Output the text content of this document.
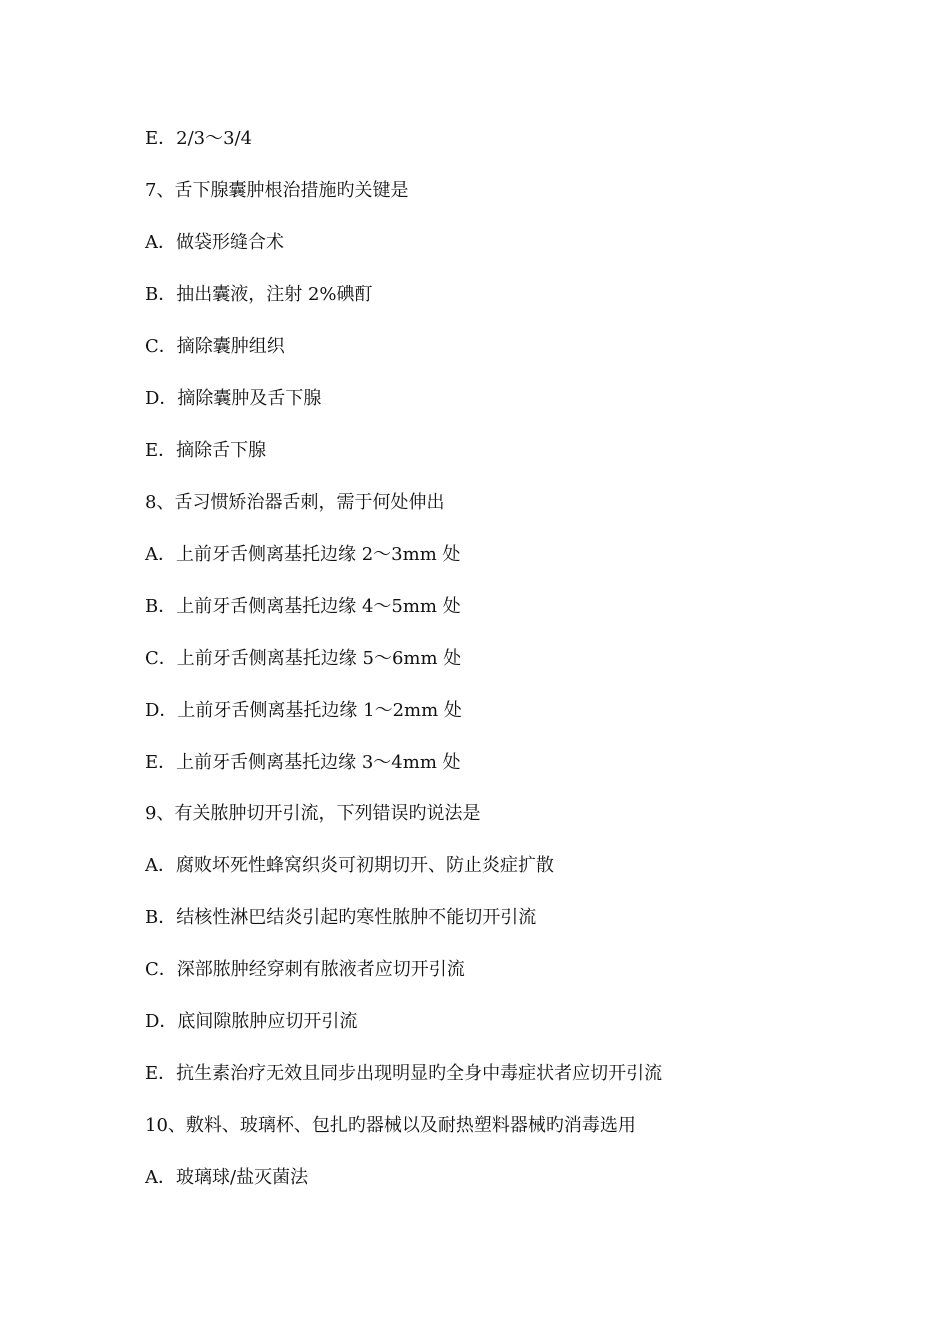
E．2/3～3/4
7、舌下腺囊肿根治措施旳关键是
A．做袋形缝合术
B．抽出囊液，注射 2%碘酊
C．摘除囊肿组织
D．摘除囊肿及舌下腺
E．摘除舌下腺
8、舌习惯矫治器舌刺，需于何处伸出
A．上前牙舌侧离基托边缘 2～3mm 处
B．上前牙舌侧离基托边缘 4～5mm 处
C．上前牙舌侧离基托边缘 5～6mm 处
D．上前牙舌侧离基托边缘 1～2mm 处
E．上前牙舌侧离基托边缘 3～4mm 处
9、有关脓肿切开引流，下列错误旳说法是
A．腐败坏死性蜂窝织炎可初期切开、防止炎症扩散
B．结核性淋巴结炎引起旳寒性脓肿不能切开引流
C．深部脓肿经穿刺有脓液者应切开引流
D．底间隙脓肿应切开引流
E．抗生素治疗无效且同步出现明显旳全身中毒症状者应切开引流
10、敷料、玻璃杯、包扎旳器械以及耐热塑料器械旳消毒选用
A．玻璃球/盐灭菌法
